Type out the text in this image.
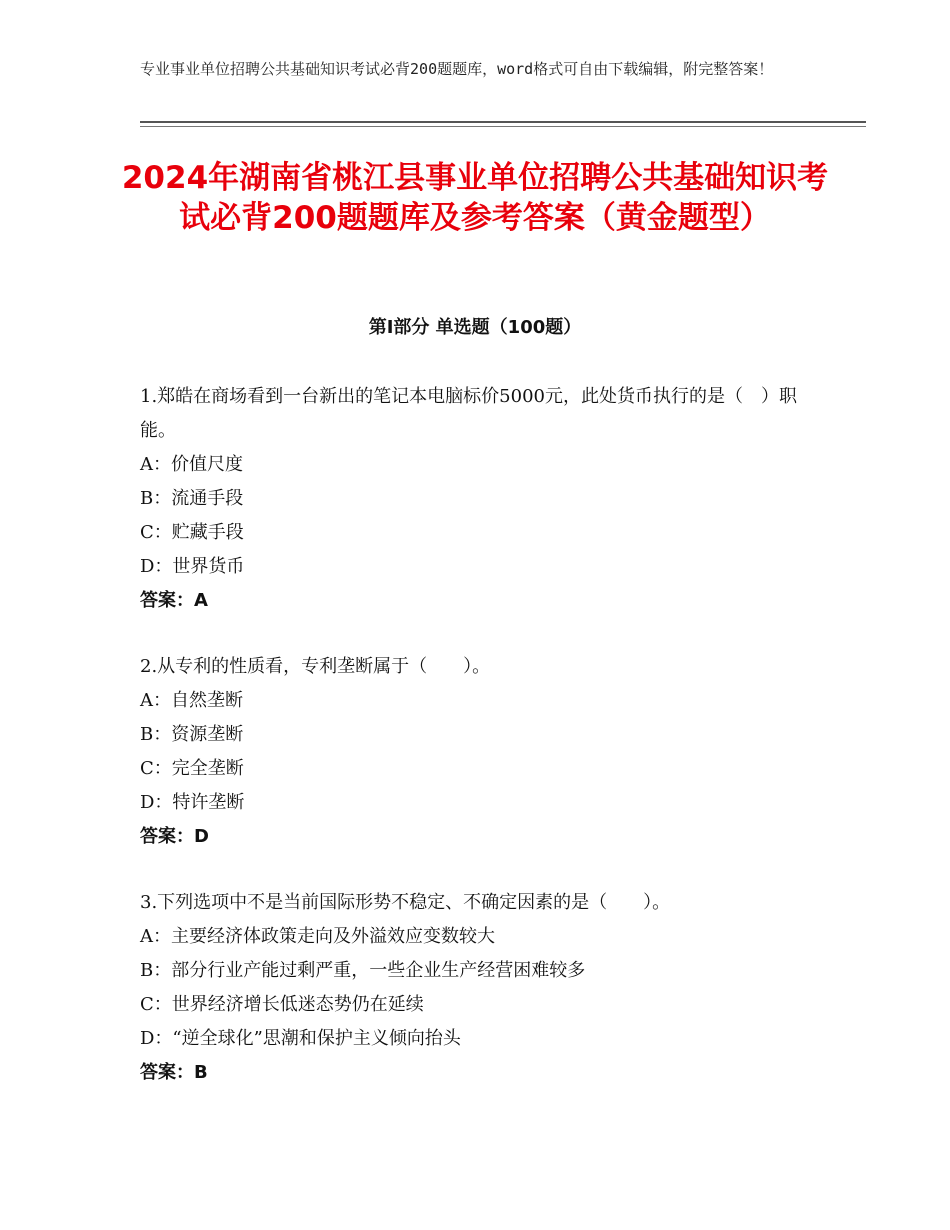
专业事业单位招聘公共基础知识考试必背200题题库，word格式可自由下载编辑，附完整答案！
2024年湖南省桃江县事业单位招聘公共基础知识考试必背200题题库及参考答案（黄金题型）
第Ⅰ部分 单选题（100题）

1.郑皓在商场看到一台新出的笔记本电脑标价5000元，此处货币执行的是（　）职能。

A：价值尺度

B：流通手段

C：贮藏手段

D：世界货币

答案：A

2.从专利的性质看，专利垄断属于（　　）。

A：自然垄断

B：资源垄断

C：完全垄断

D：特许垄断

答案：D

3.下列选项中不是当前国际形势不稳定、不确定因素的是（　　）。

A：主要经济体政策走向及外溢效应变数较大

B：部分行业产能过剩严重，一些企业生产经营困难较多

C：世界经济增长低迷态势仍在延续

D：“逆全球化”思潮和保护主义倾向抬头

答案：B
